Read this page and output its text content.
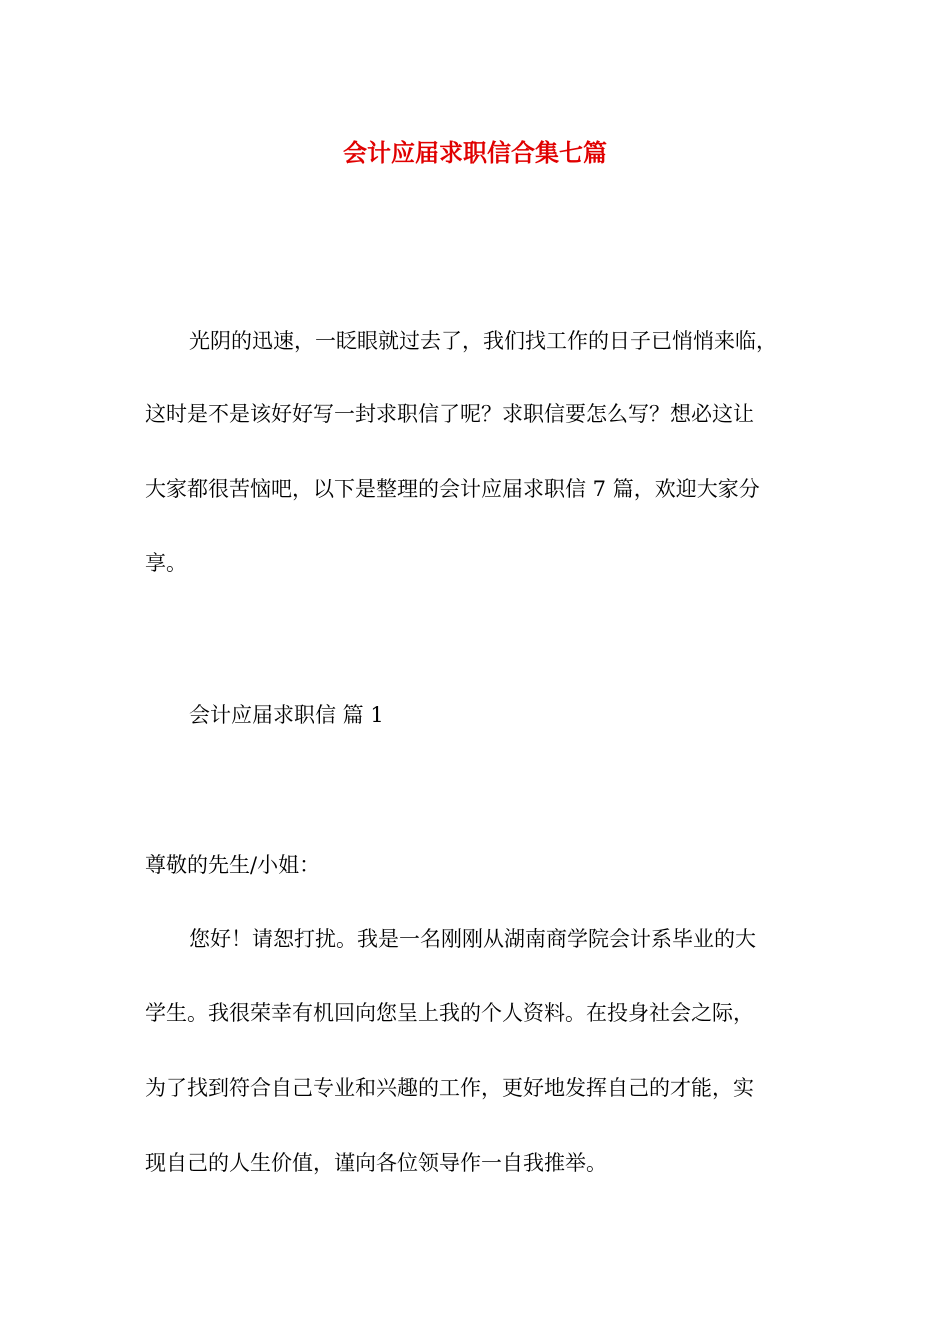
会计应届求职信合集七篇
光阴的迅速，一眨眼就过去了，我们找工作的日子已悄悄来临，
这时是不是该好好写一封求职信了呢？求职信要怎么写？想必这让
大家都很苦恼吧，以下是整理的会计应届求职信 7 篇，欢迎大家分
享。
会计应届求职信 篇 1
尊敬的先生/小姐：
您好！请恕打扰。我是一名刚刚从湖南商学院会计系毕业的大
学生。我很荣幸有机回向您呈上我的个人资料。在投身社会之际，
为了找到符合自己专业和兴趣的工作，更好地发挥自己的才能，实
现自己的人生价值，谨向各位领导作一自我推举。
